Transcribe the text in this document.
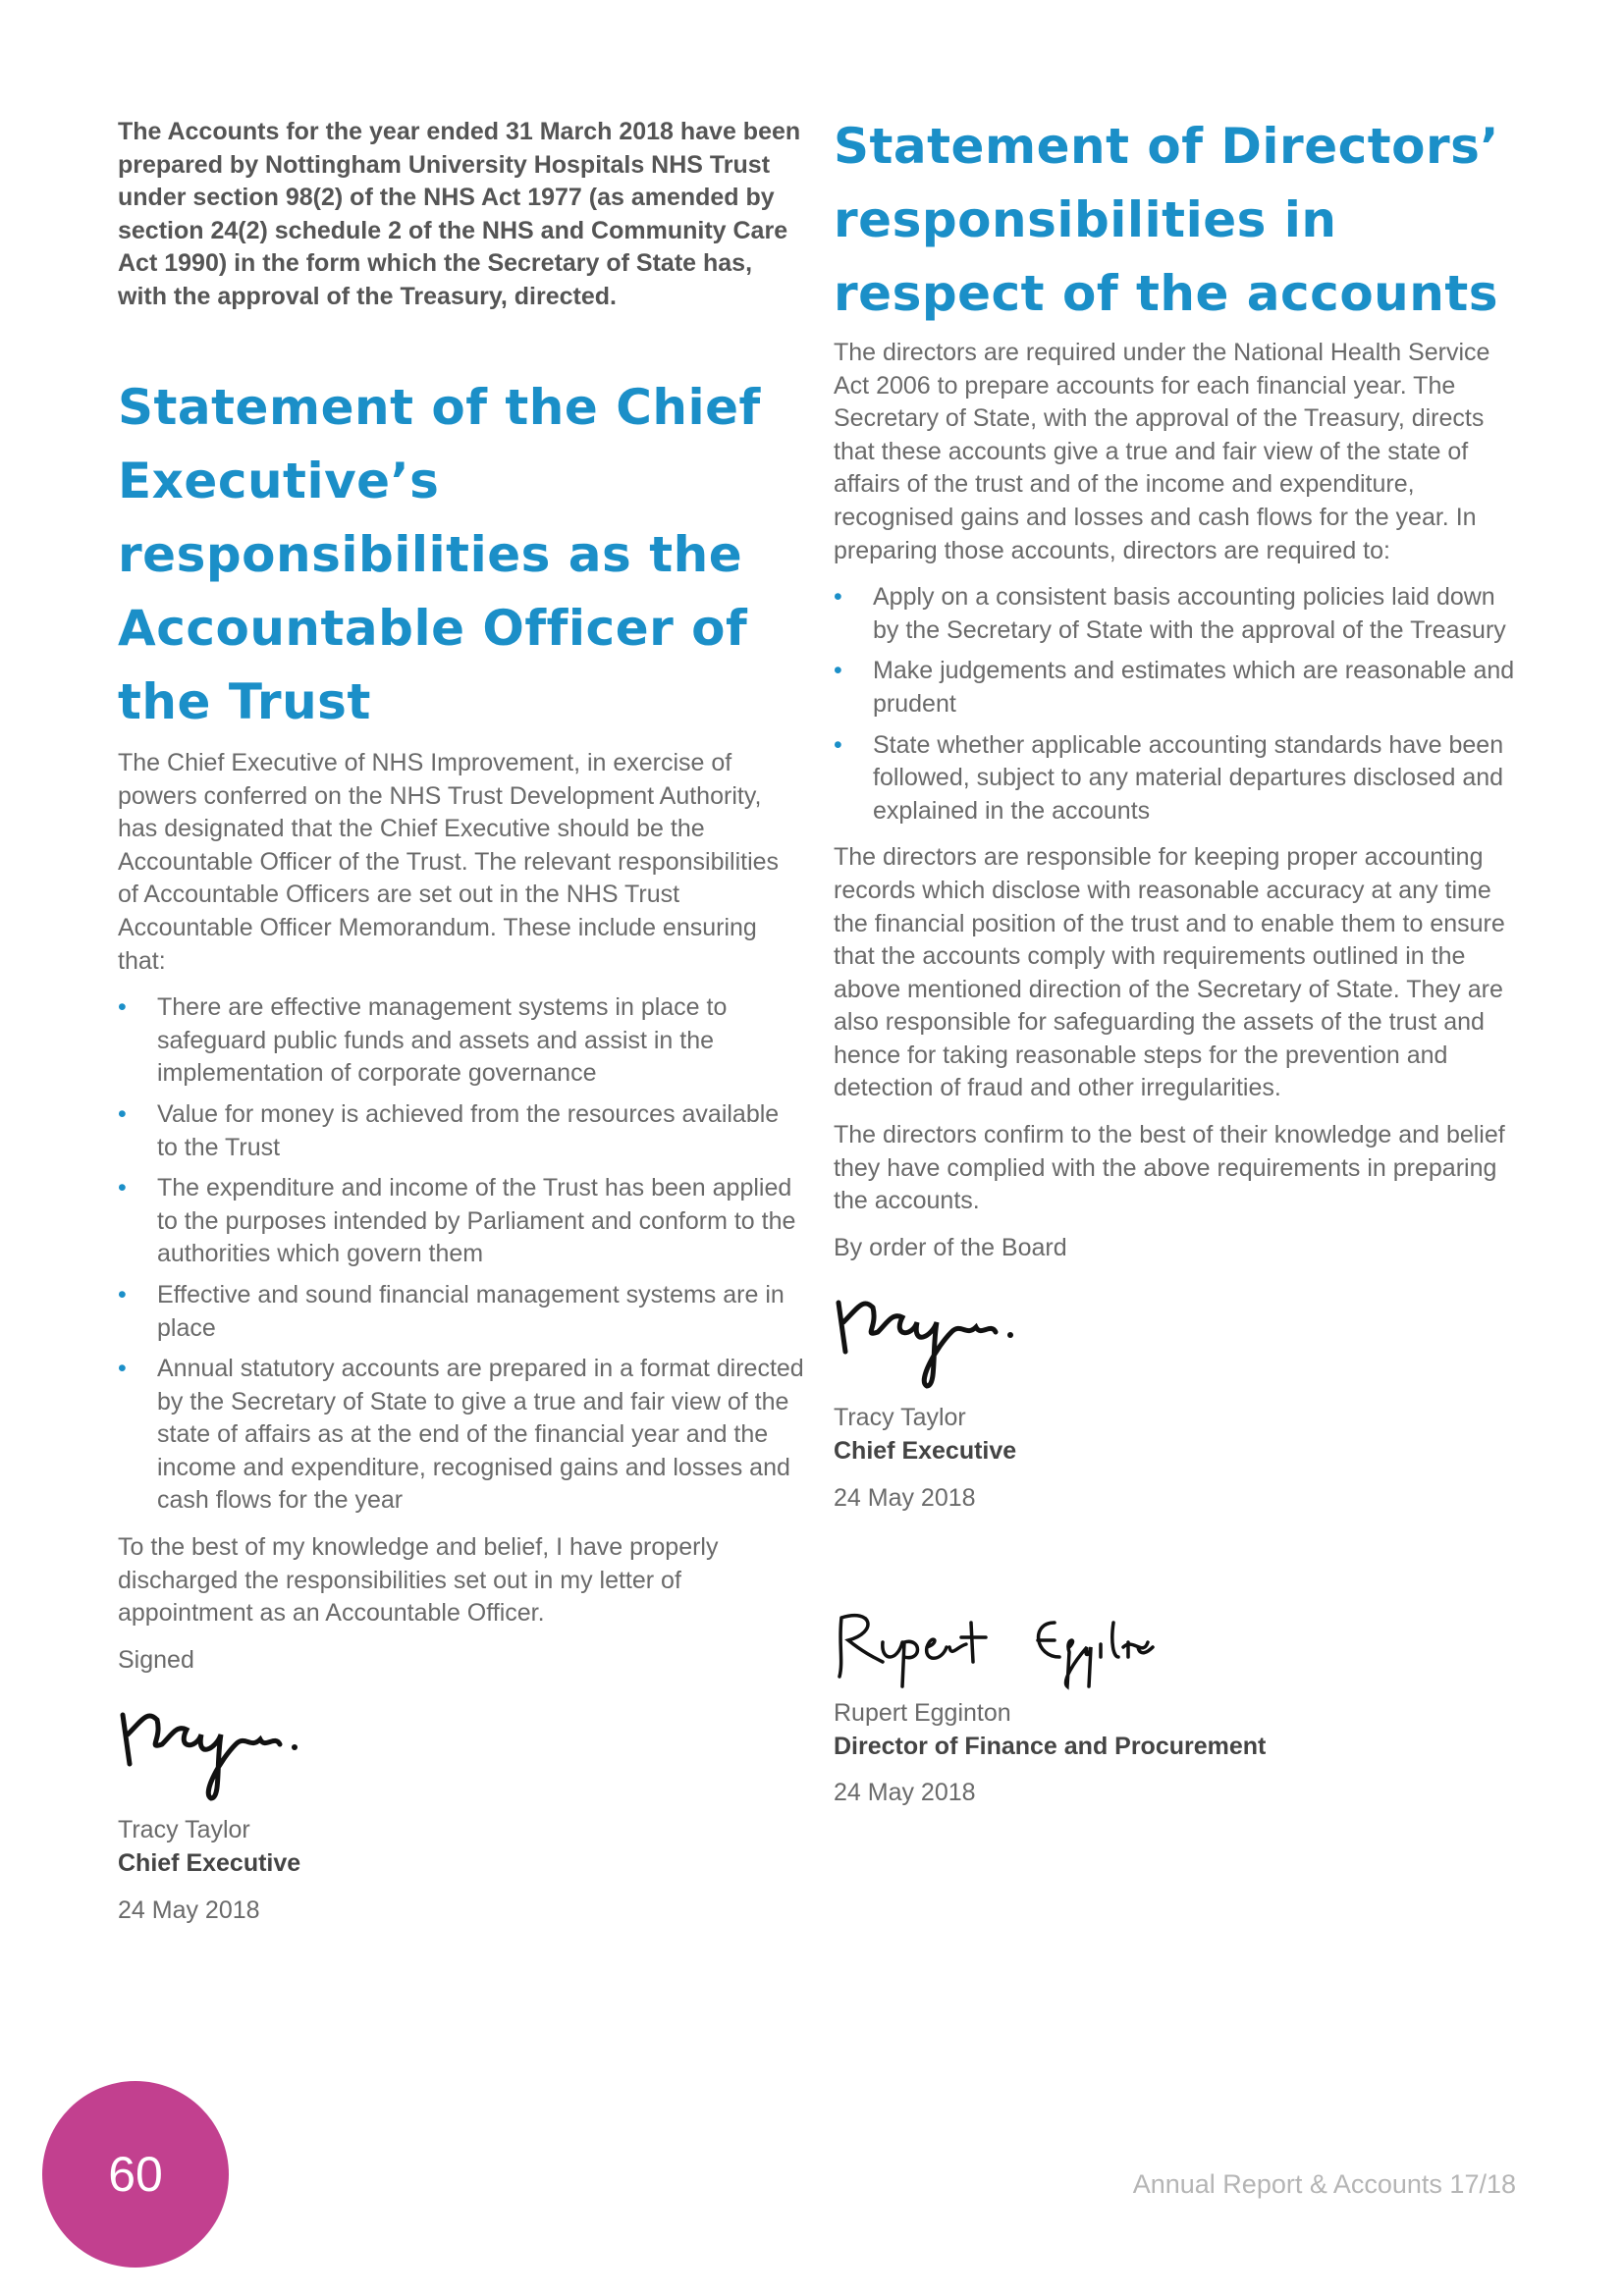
The Accounts for the year ended 31 March 2018 have been prepared by Nottingham University Hospitals NHS Trust under section 98(2) of the NHS Act 1977 (as amended by section 24(2) schedule 2 of the NHS and Community Care Act 1990) in the form which the Secretary of State has, with the approval of the Treasury, directed.
Statement of the Chief Executive’s responsibilities as the Accountable Officer of the Trust

The Chief Executive of NHS Improvement, in exercise of powers conferred on the NHS Trust Development Authority, has designated that the Chief Executive should be the Accountable Officer of the Trust. The relevant responsibilities of Accountable Officers are set out in the NHS Trust Accountable Officer Memorandum. These include ensuring that:

• There are effective management systems in place to safeguard public funds and assets and assist in the implementation of corporate governance
• Value for money is achieved from the resources available to the Trust
• The expenditure and income of the Trust has been applied to the purposes intended by Parliament and conform to the authorities which govern them
• Effective and sound financial management systems are in place
• Annual statutory accounts are prepared in a format directed by the Secretary of State to give a true and fair view of the state of affairs as at the end of the financial year and the income and expenditure, recognised gains and losses and cash flows for the year

To the best of my knowledge and belief, I have properly discharged the responsibilities set out in my letter of appointment as an Accountable Officer.

Signed

Tracy Taylor

Chief Executive

24 May 2018

Statement of Directors’ responsibilities in respect of the accounts

The directors are required under the National Health Service Act 2006 to prepare accounts for each financial year. The Secretary of State, with the approval of the Treasury, directs that these accounts give a true and fair view of the state of affairs of the trust and of the income and expenditure, recognised gains and losses and cash flows for the year. In preparing those accounts, directors are required to:

• Apply on a consistent basis accounting policies laid down by the Secretary of State with the approval of the Treasury
• Make judgements and estimates which are reasonable and prudent
• State whether applicable accounting standards have been followed, subject to any material departures disclosed and explained in the accounts

The directors are responsible for keeping proper accounting records which disclose with reasonable accuracy at any time the financial position of the trust and to enable them to ensure that the accounts comply with requirements outlined in the above mentioned direction of the Secretary of State. They are also responsible for safeguarding the assets of the trust and hence for taking reasonable steps for the prevention and detection of fraud and other irregularities.

The directors confirm to the best of their knowledge and belief they have complied with the above requirements in preparing the accounts.

By order of the Board

Tracy Taylor

Chief Executive

24 May 2018

Rupert Egginton

Director of Finance and Procurement

24 May 2018

60	Annual Report & Accounts 17/18
